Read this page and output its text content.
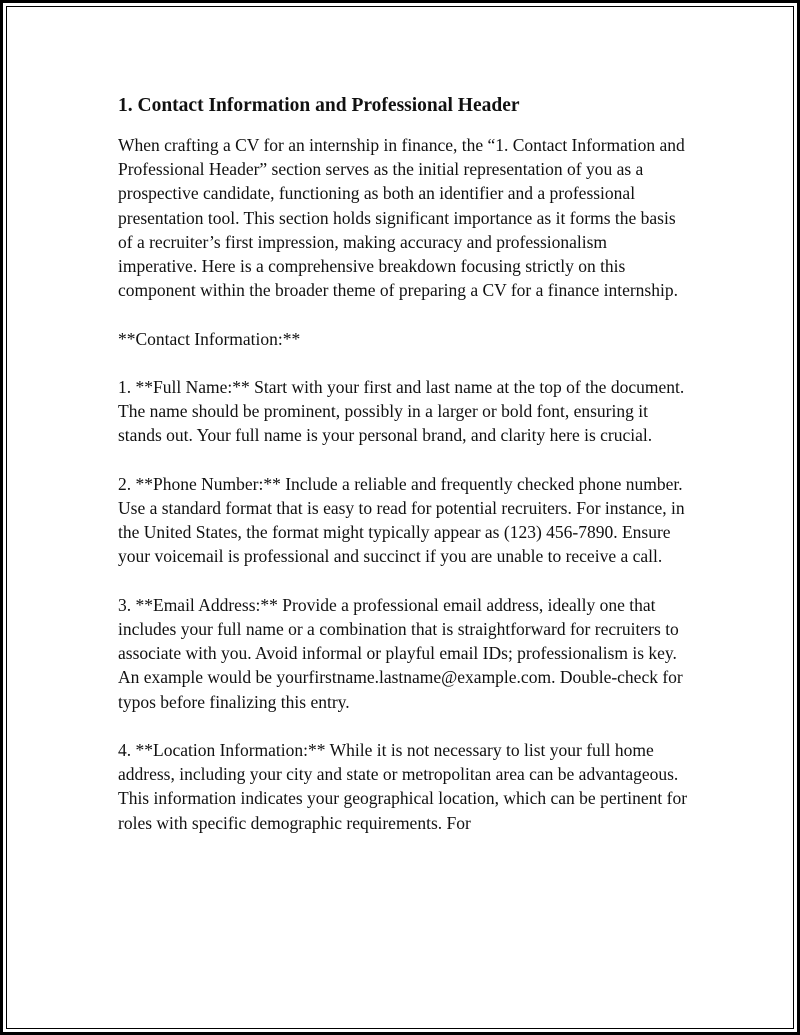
1. Contact Information and Professional Header

When crafting a CV for an internship in finance, the “1. Contact Information and Professional Header” section serves as the initial representation of you as a prospective candidate, functioning as both an identifier and a professional presentation tool. This section holds significant importance as it forms the basis of a recruiter’s first impression, making accuracy and professionalism imperative. Here is a comprehensive breakdown focusing strictly on this component within the broader theme of preparing a CV for a finance internship.

**Contact Information:**

1. **Full Name:** Start with your first and last name at the top of the document. The name should be prominent, possibly in a larger or bold font, ensuring it stands out. Your full name is your personal brand, and clarity here is crucial.

2. **Phone Number:** Include a reliable and frequently checked phone number. Use a standard format that is easy to read for potential recruiters. For instance, in the United States, the format might typically appear as (123) 456-7890. Ensure your voicemail is professional and succinct if you are unable to receive a call.

3. **Email Address:** Provide a professional email address, ideally one that includes your full name or a combination that is straightforward for recruiters to associate with you. Avoid informal or playful email IDs; professionalism is key. An example would be yourfirstname.lastname@example.com. Double-check for typos before finalizing this entry.

4. **Location Information:** While it is not necessary to list your full home address, including your city and state or metropolitan area can be advantageous. This information indicates your geographical location, which can be pertinent for roles with specific demographic requirements. For
